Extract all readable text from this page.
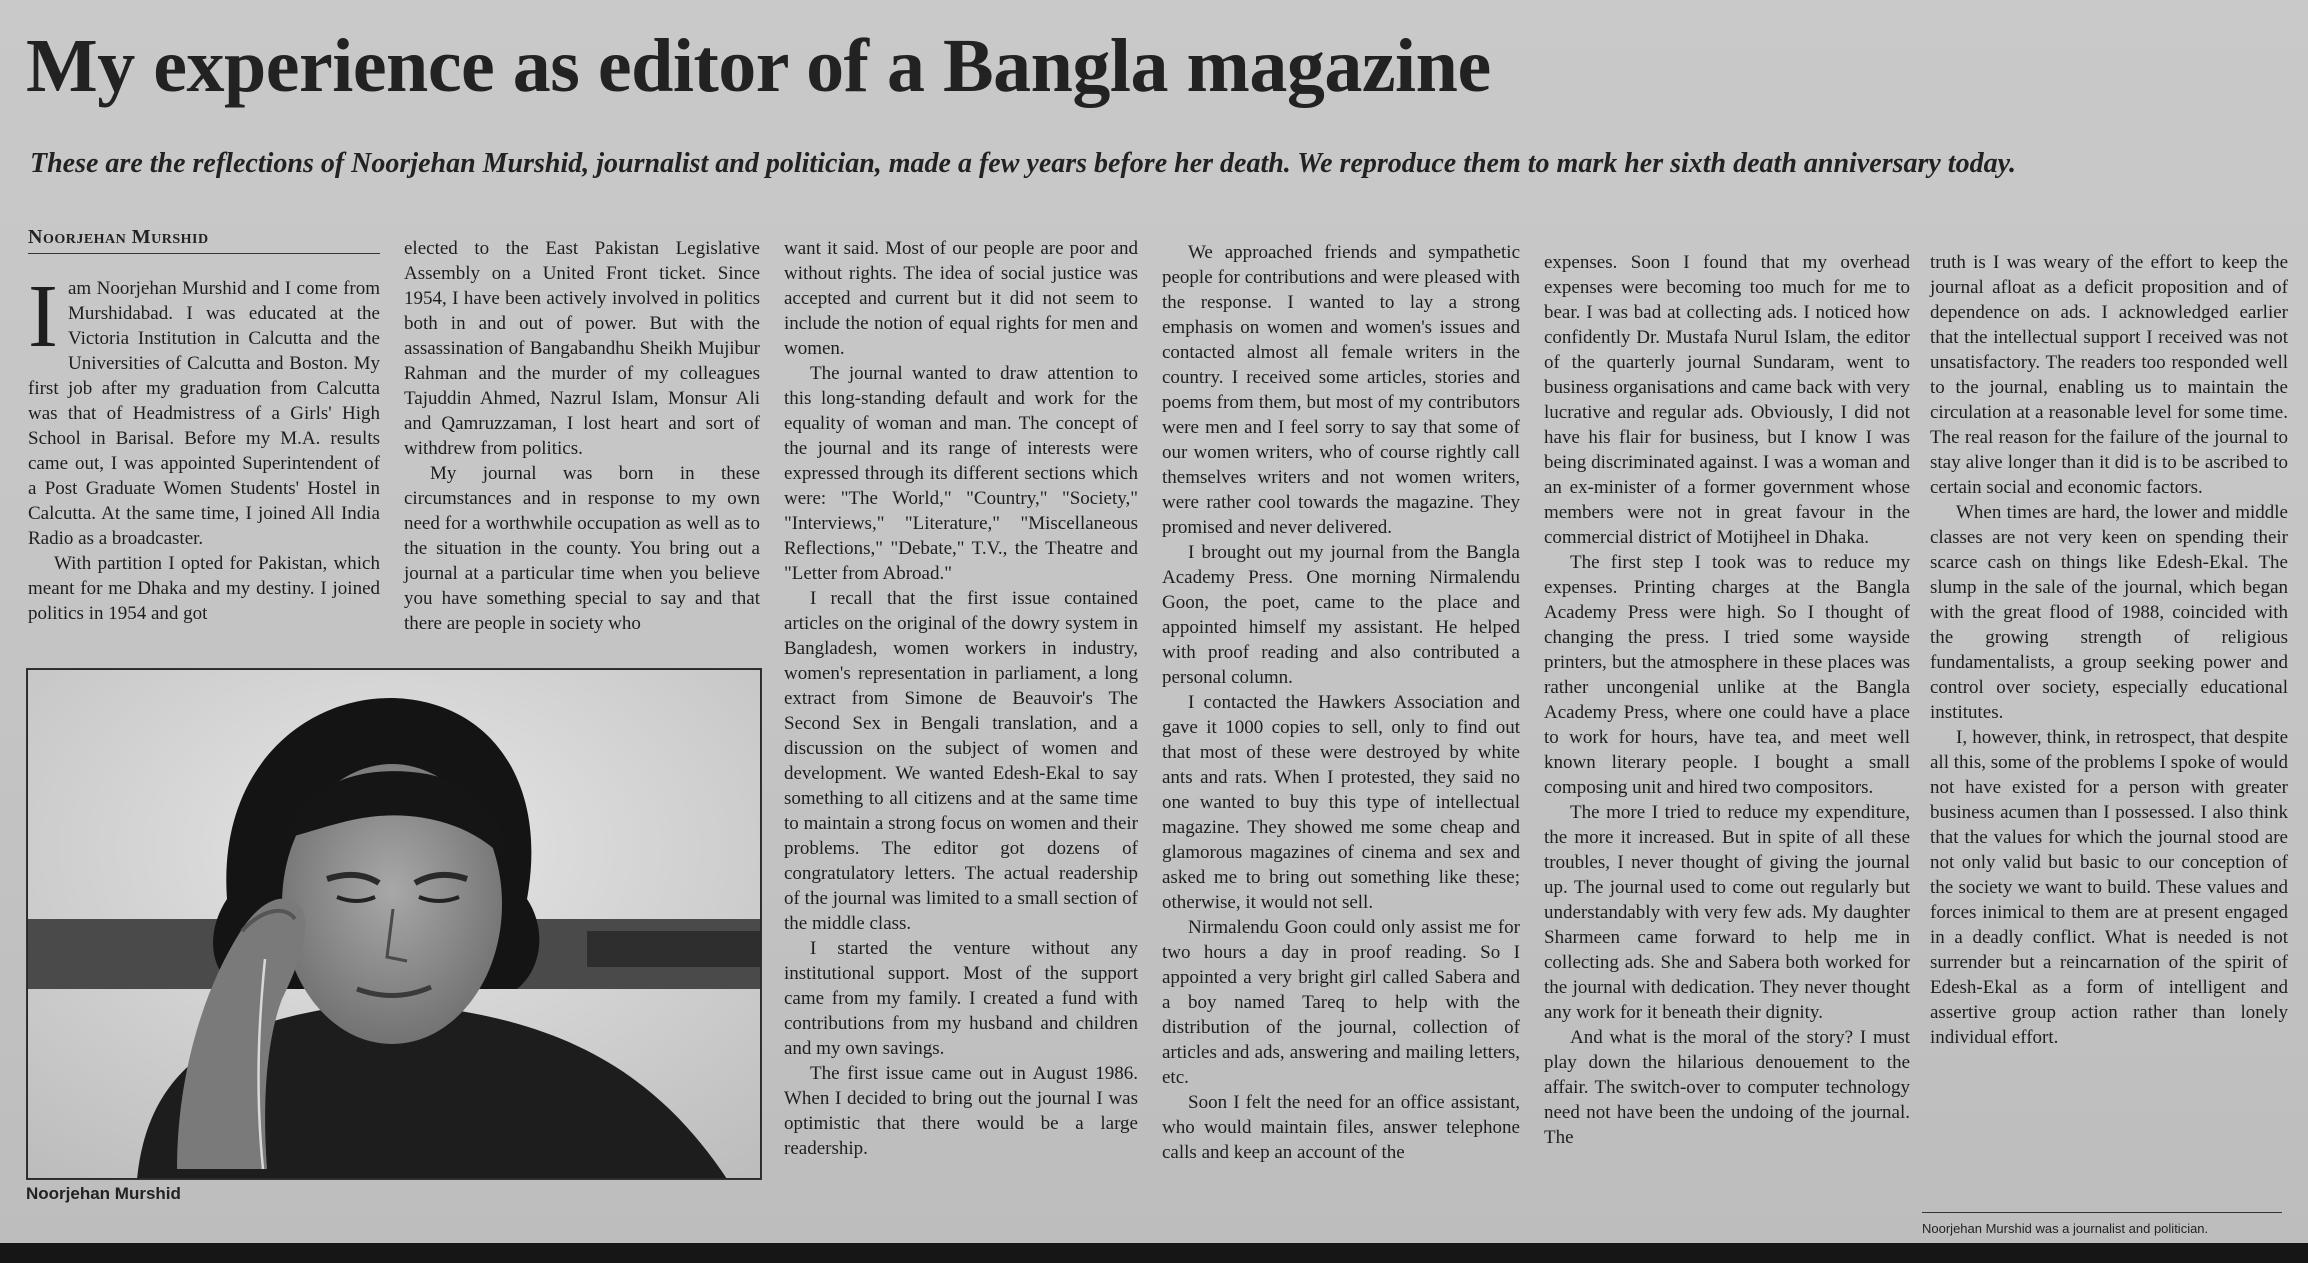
My experience as editor of a Bangla magazine

These are the reflections of Noorjehan Murshid, journalist and politician, made a few years before her death. We reproduce them to mark her sixth death anniversary today.

Noorjehan Murshid

Iam Noorjehan Murshid and I come from Murshidabad. I was educated at the Victoria Institution in Calcutta and the Universities of Calcutta and Boston. My first job after my graduation from Calcutta was that of Headmistress of a Girls' High School in Barisal. Before my M.A. results came out, I was appointed Superintendent of a Post Graduate Women Students' Hostel in Calcutta. At the same time, I joined All India Radio as a broadcaster.

With partition I opted for Pakistan, which meant for me Dhaka and my destiny. I joined politics in 1954 and got

elected to the East Pakistan Legislative Assembly on a United Front ticket. Since 1954, I have been actively involved in politics both in and out of power. But with the assassination of Bangabandhu Sheikh Mujibur Rahman and the murder of my colleagues Tajuddin Ahmed, Nazrul Islam, Monsur Ali and Qamruzzaman, I lost heart and sort of withdrew from politics.

My journal was born in these circumstances and in response to my own need for a worthwhile occupation as well as to the situation in the county. You bring out a journal at a particular time when you believe you have something special to say and that there are people in society who

Noorjehan Murshid

want it said. Most of our people are poor and without rights. The idea of social justice was accepted and current but it did not seem to include the notion of equal rights for men and women.

The journal wanted to draw attention to this long-standing default and work for the equality of woman and man. The concept of the journal and its range of interests were expressed through its different sections which were: "The World," "Country," "Society," "Interviews," "Literature," "Miscellaneous Reflections," "Debate," T.V., the Theatre and "Letter from Abroad."

I recall that the first issue contained articles on the original of the dowry system in Bangladesh, women workers in industry, women's representation in parliament, a long extract from Simone de Beauvoir's The Second Sex in Bengali translation, and a discussion on the subject of women and development. We wanted Edesh-Ekal to say something to all citizens and at the same time to maintain a strong focus on women and their problems. The editor got dozens of congratulatory letters. The actual readership of the journal was limited to a small section of the middle class.

I started the venture without any institutional support. Most of the support came from my family. I created a fund with contributions from my husband and children and my own savings.

The first issue came out in August 1986. When I decided to bring out the journal I was optimistic that there would be a large readership.

We approached friends and sympathetic people for contributions and were pleased with the response. I wanted to lay a strong emphasis on women and women's issues and contacted almost all female writers in the country. I received some articles, stories and poems from them, but most of my contributors were men and I feel sorry to say that some of our women writers, who of course rightly call themselves writers and not women writers, were rather cool towards the magazine. They promised and never delivered.

I brought out my journal from the Bangla Academy Press. One morning Nirmalendu Goon, the poet, came to the place and appointed himself my assistant. He helped with proof reading and also contributed a personal column.

I contacted the Hawkers Association and gave it 1000 copies to sell, only to find out that most of these were destroyed by white ants and rats. When I protested, they said no one wanted to buy this type of intellectual magazine. They showed me some cheap and glamorous magazines of cinema and sex and asked me to bring out something like these; otherwise, it would not sell.

Nirmalendu Goon could only assist me for two hours a day in proof reading. So I appointed a very bright girl called Sabera and a boy named Tareq to help with the distribution of the journal, collection of articles and ads, answering and mailing letters, etc.

Soon I felt the need for an office assistant, who would maintain files, answer telephone calls and keep an account of the

expenses. Soon I found that my overhead expenses were becoming too much for me to bear. I was bad at collecting ads. I noticed how confidently Dr. Mustafa Nurul Islam, the editor of the quarterly journal Sundaram, went to business organisations and came back with very lucrative and regular ads. Obviously, I did not have his flair for business, but I know I was being discriminated against. I was a woman and an ex-minister of a former government whose members were not in great favour in the commercial district of Motijheel in Dhaka.

The first step I took was to reduce my expenses. Printing charges at the Bangla Academy Press were high. So I thought of changing the press. I tried some wayside printers, but the atmosphere in these places was rather uncongenial unlike at the Bangla Academy Press, where one could have a place to work for hours, have tea, and meet well known literary people. I bought a small composing unit and hired two compositors.

The more I tried to reduce my expenditure, the more it increased. But in spite of all these troubles, I never thought of giving the journal up. The journal used to come out regularly but understandably with very few ads. My daughter Sharmeen came forward to help me in collecting ads. She and Sabera both worked for the journal with dedication. They never thought any work for it beneath their dignity.

And what is the moral of the story? I must play down the hilarious denouement to the affair. The switch-over to computer technology need not have been the undoing of the journal. The

truth is I was weary of the effort to keep the journal afloat as a deficit proposition and of dependence on ads. I acknowledged earlier that the intellectual support I received was not unsatisfactory. The readers too responded well to the journal, enabling us to maintain the circulation at a reasonable level for some time. The real reason for the failure of the journal to stay alive longer than it did is to be ascribed to certain social and economic factors.

When times are hard, the lower and middle classes are not very keen on spending their scarce cash on things like Edesh-Ekal. The slump in the sale of the journal, which began with the great flood of 1988, coincided with the growing strength of religious fundamentalists, a group seeking power and control over society, especially educational institutes.

I, however, think, in retrospect, that despite all this, some of the problems I spoke of would not have existed for a person with greater business acumen than I possessed. I also think that the values for which the journal stood are not only valid but basic to our conception of the society we want to build. These values and forces inimical to them are at present engaged in a deadly conflict. What is needed is not surrender but a reincarnation of the spirit of Edesh-Ekal as a form of intelligent and assertive group action rather than lonely individual effort.

Noorjehan Murshid was a journalist and politician.
